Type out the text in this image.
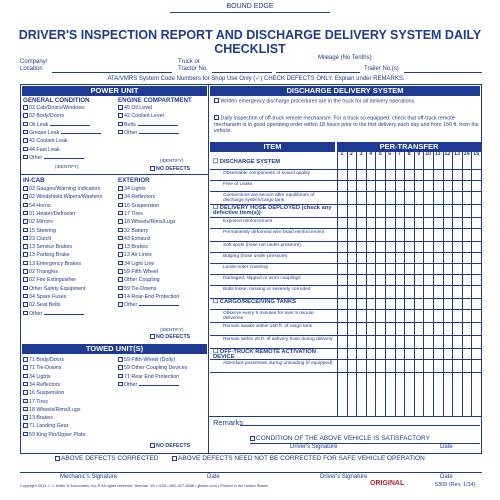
BOUND EDGE
DRIVER'S INSPECTION REPORT AND DISCHARGE DELIVERY SYSTEM DAILY CHECKLIST
Company/
Location
Truck or
Tractor No.
Mileage (No Tenths)
Trailer No.(s)
ATA/VMRS System Code Numbers for Shop Use Only (✓) CHECK DEFECTS ONLY. Explain under REMARKS.
POWER UNIT
GENERAL CONDITION	ENGINE COMPARTMENT
02 Cab/Doors/Windows
02 Body/Doors
Oil Leak
Grease Leak
42 Coolant Leak
44 Fuel Leak
Other
45 Oil Level
42 Coolant Level
Belts
Other
(IDENTIFY)
(IDENTIFY)
NO DEFECTS
IN-CAB	EXTERIOR
03 Gauges/Warning Indicators
02 Windshield Wipers/Washers
54 Horns
01 Heater/Defroster
02 Mirrors
15 Steering
23 Clutch
13 Service Brakes
13 Parking Brake
13 Emergency Brakes
02 Triangles
02 Fire Extinguisher
Other Safety Equipment
34 Spare Fuses
02 Seat Belts
Other
34 Lights
34 Reflectors
16 Suspension
17 Tires
18 Wheels/Rims/Lugs
32 Battery
43 Exhaust
13 Brakes
13 Air Lines
34 Light Line
59 Fifth Wheel
Other Coupling
59 Tie-Downs
14 Rear-End Protection
Other
(IDENTIFY)
NO DEFECTS
TOWED UNIT(S)
71 Body/Doors
71 Tie-Downs
34 Lights
34 Reflectors
16 Suspension
17 Tires
18 Wheels/Rims/Lugs
13 Brakes
71 Landing Gear
59 King Pin/Upper Plate
59 Fifth-Wheel (Dolly)
59 Other Coupling Devices
71 Rear End Protection
Other
NO DEFECTS
DISCHARGE DELIVERY SYSTEM
Written emergency discharge procedures are in the truck for all delivery operations.
Daily inspection of off-truck remote mechanism. For a truck so equipped, check that off-truck remote mechanism is in good operating order within 18 hours prior to the first delivery each day and from 150 ft. from the vehicle.
ITEM	PER-TRANSFER
1	2	3	4	5	6	7	8	9 10 11 12 13 14 15
☐ DISCHARGE SYSTEM
Observable components of sound quality
Free of Leaks
Connections are secure after equilibrium of discharge system/cargo tank
☐ DELIVERY HOSE DEPLOYED (check any defective item(s))
Exposed reinforcement
Permanently deformed wire braid reinforcement
Soft spots (hose not under pressure)
Bulging (hose under pressure)
Loose outer covering
Damaged, slipped or worn couplings
Bolts loose, missing or severely corroded
☐ CARGO/RECEIVING TANKS
Observe every 5 minutes for over 5 minute deliveries
Remain awake within 150 ft. of cargo tank
Remain within 25 ft. of delivery hose during delivery
☐ OFF-TRUCK REMOTE ACTIVATION DEVICE
Attendant possesses during unloading (if equipped)
Remarks
CONDITION OF THE ABOVE VEHICLE IS SATISFACTORY
Driver's Signature	Date
ABOVE DEFECTS CORRECTED	ABOVE DEFECTS NEED NOT BE CORRECTED FOR SAFE VEHICLE OPERATION
Mechanic's Signature	Date	Driver's Signature	Date
Copyright 2014 J. J. Keller & Associates, Inc.® All rights reserved. Neenah, WI • USA • 800-327-6868 • jjkeller.com • Printed in the United States	ORIGINAL	5309 (Rev. 1/14)
